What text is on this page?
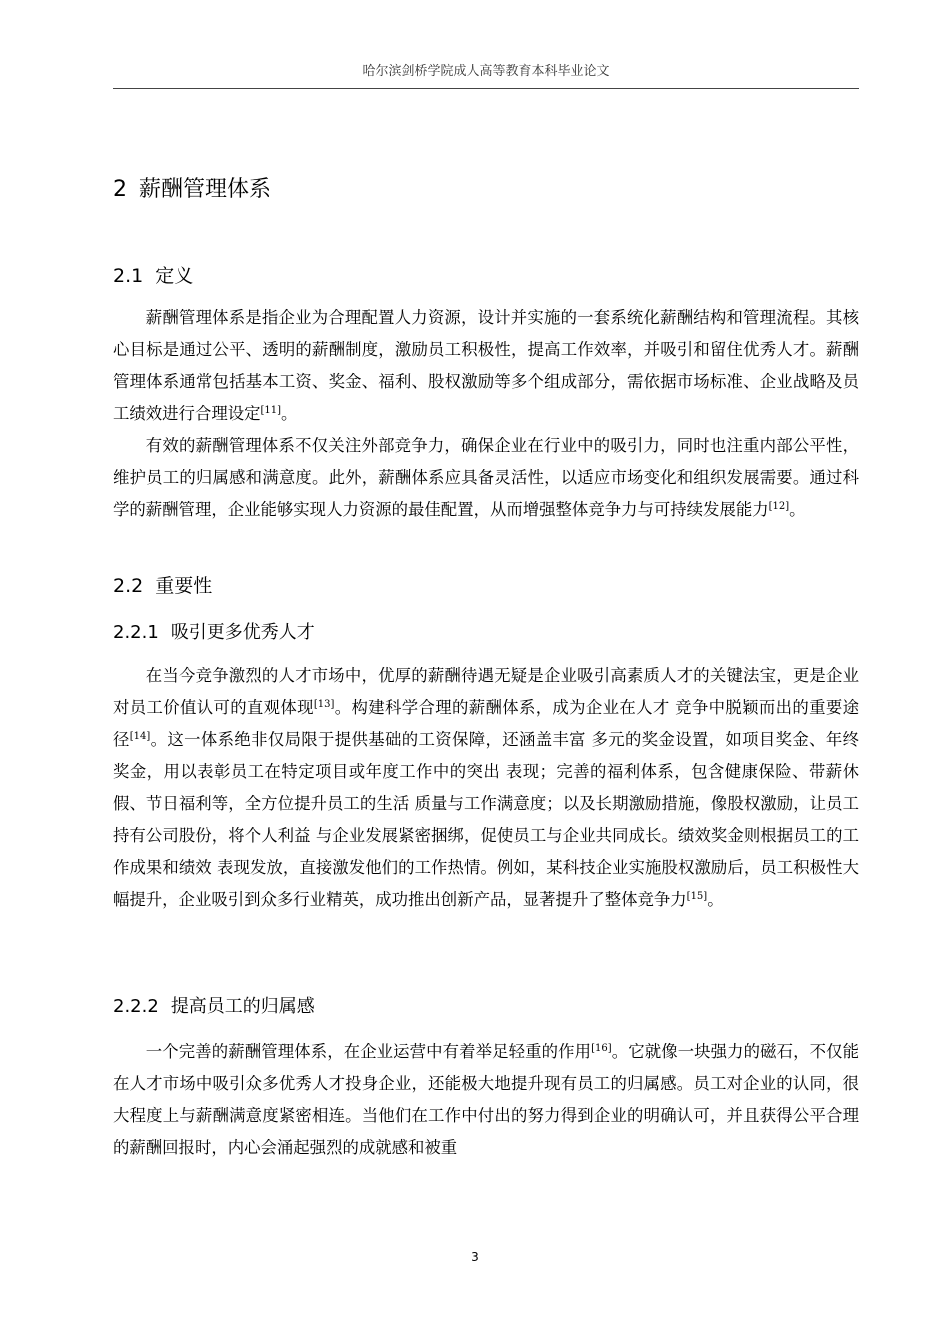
哈尔滨剑桥学院成人高等教育本科毕业论文
2 薪酬管理体系
2.1 定义

薪酬管理体系是指企业为合理配置人力资源，设计并实施的一套系统化薪酬结构和管理流程。其核心目标是通过公平、透明的薪酬制度，激励员工积极性，提高工作效率，并吸引和留住优秀人才。薪酬管理体系通常包括基本工资、奖金、福利、股权激励等多个组成部分，需依据市场标准、企业战略及员工绩效进行合理设定[11]。

有效的薪酬管理体系不仅关注外部竞争力，确保企业在行业中的吸引力，同时也注重内部公平性，维护员工的归属感和满意度。此外，薪酬体系应具备灵活性，以适应市场变化和组织发展需要。通过科学的薪酬管理，企业能够实现人力资源的最佳配置，从而增强整体竞争力与可持续发展能力[12]。

2.2 重要性
2.2.1 吸引更多优秀人才

在当今竞争激烈的人才市场中，优厚的薪酬待遇无疑是企业吸引高素质人才的关键法宝，更是企业对员工价值认可的直观体现[13]。构建科学合理的薪酬体系，成为企业在人才 竞争中脱颖而出的重要途径[14]。这一体系绝非仅局限于提供基础的工资保障，还涵盖丰富 多元的奖金设置，如项目奖金、年终奖金，用以表彰员工在特定项目或年度工作中的突出 表现；完善的福利体系，包含健康保险、带薪休假、节日福利等，全方位提升员工的生活 质量与工作满意度；以及长期激励措施，像股权激励，让员工持有公司股份，将个人利益 与企业发展紧密捆绑，促使员工与企业共同成长。绩效奖金则根据员工的工作成果和绩效 表现发放，直接激发他们的工作热情。例如，某科技企业实施股权激励后，员工积极性大 幅提升，企业吸引到众多行业精英，成功推出创新产品，显著提升了整体竞争力[15]。

2.2.2 提高员工的归属感

一个完善的薪酬管理体系，在企业运营中有着举足轻重的作用[16]。它就像一块强力的磁石，不仅能在人才市场中吸引众多优秀人才投身企业，还能极大地提升现有员工的归属感。员工对企业的认同，很大程度上与薪酬满意度紧密相连。当他们在工作中付出的努力得到企业的明确认可，并且获得公平合理的薪酬回报时，内心会涌起强烈的成就感和被重

3
